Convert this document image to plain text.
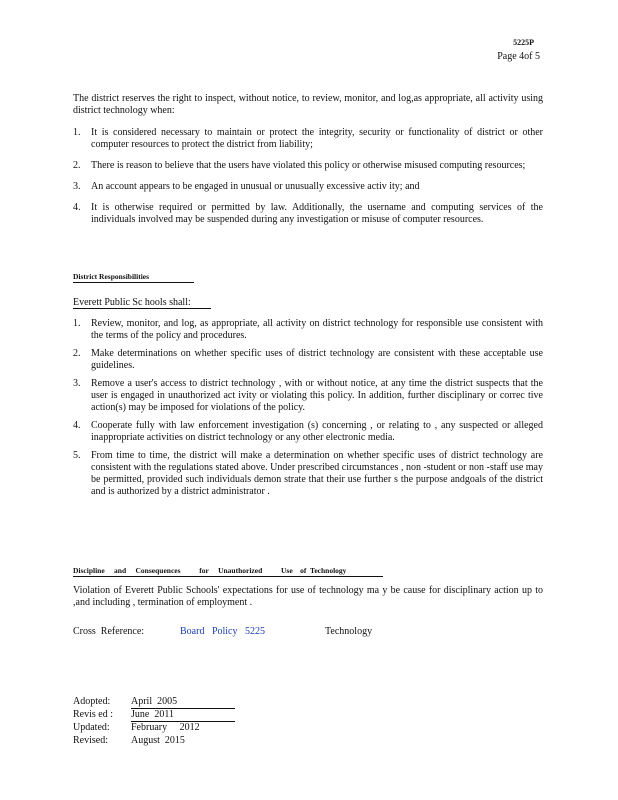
5225P
Page 4of 5
The district reserves the right to inspect, without notice, to review, monitor, and log,as appropriate, all activity using district technology when:
1. It is considered necessary to maintain or protect the integrity, security or functionality of district or other computer resources to protect the district from liability;
2. There is reason to believe that the users have violated this policy or otherwise misused computing resources;
3. An account appears to be engaged in unusual or unusually excessive activ ity; and
4. It is otherwise required or permitted by law. Additionally, the username and computing services of the individuals involved may be suspended during any investigation or misuse of computer resources.
District Responsibilities
Everett Public Sc hools shall:
1. Review, monitor, and log, as appropriate, all activity on district technology for responsible use consistent with the terms of the policy and procedures.
2. Make determinations on whether specific uses of district technology are consistent with these acceptable use guidelines.
3. Remove a user's access to district technology , with or without notice, at any time the district suspects that the user is engaged in unauthorized act ivity or violating this policy. In addition, further disciplinary or correc tive action(s) may be imposed for violations of the policy.
4. Cooperate fully with law enforcement investigation (s) concerning , or relating to , any suspected or alleged inappropriate activities on district technology or any other electronic media.
5. From time to time, the district will make a determination on whether specific uses of district technology are consistent with the regulations stated above. Under prescribed circumstances , non -student or non -staff use may be permitted, provided such individuals demon strate that their use further s the purpose andgoals of the district and is authorized by a district administrator .
Discipline     and     Consequences          for     Unauthorized          Use    of  Technology
Violation of Everett Public Schools' expectations for use of technology ma y be cause for disciplinary action up to ,and including , termination of employment .
Cross  Reference:	Board   Policy   5225	Technology
Adopted: April  2005
Revis ed : June  2011
Updated: February     2012
Revised: August  2015
